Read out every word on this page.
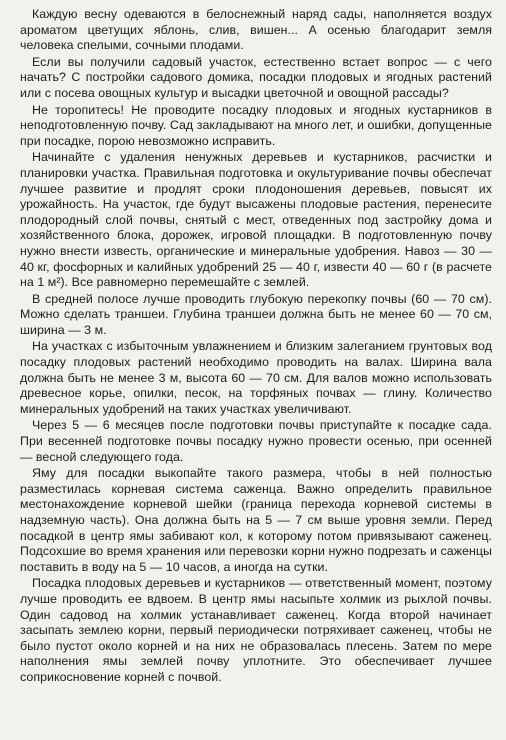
Каждую весну одеваются в белоснежный наряд сады, наполняется воздух ароматом цветущих яблонь, слив, вишен... А осенью благодарит земля человека спелыми, сочными плодами.

Если вы получили садовый участок, естественно встает вопрос — с чего начать? С постройки садового домика, посадки плодовых и ягодных растений или с посева овощных культур и высадки цветочной и овощной рассады?

Не торопитесь! Не проводите посадку плодовых и ягодных кустарников в неподготовленную почву. Сад закладывают на много лет, и ошибки, допущенные при посадке, порою невозможно исправить.

Начинайте с удаления ненужных деревьев и кустарников, расчистки и планировки участка. Правильная подготовка и окультуривание почвы обеспечат лучшее развитие и продлят сроки плодоношения деревьев, повысят их урожайность. На участок, где будут высажены плодовые растения, перенесите плодородный слой почвы, снятый с мест, отведенных под застройку дома и хозяйственного блока, дорожек, игровой площадки. В подготовленную почву нужно внести известь, органические и минеральные удобрения. Навоз — 30 — 40 кг, фосфорных и калийных удобрений 25 — 40 г, извести 40 — 60 г (в расчете на 1 м²). Все равномерно перемешайте с землей.

В средней полосе лучше проводить глубокую перекопку почвы (60 — 70 см). Можно сделать траншеи. Глубина траншеи должна быть не менее 60 — 70 см, ширина — 3 м.

На участках с избыточным увлажнением и близким залеганием грунтовых вод посадку плодовых растений необходимо проводить на валах. Ширина вала должна быть не менее 3 м, высота 60 — 70 см. Для валов можно использовать древесное корье, опилки, песок, на торфяных почвах — глину. Количество минеральных удобрений на таких участках увеличивают.

Через 5 — 6 месяцев после подготовки почвы приступайте к посадке сада. При весенней подготовке почвы посадку нужно провести осенью, при осенней — весной следующего года.

Яму для посадки выкопайте такого размера, чтобы в ней полностью разместилась корневая система саженца. Важно определить правильное местонахождение корневой шейки (граница перехода корневой системы в надземную часть). Она должна быть на 5 — 7 см выше уровня земли. Перед посадкой в центр ямы забивают кол, к которому потом привязывают саженец. Подсохшие во время хранения или перевозки корни нужно подрезать и саженцы поставить в воду на 5 — 10 часов, а иногда на сутки.

Посадка плодовых деревьев и кустарников — ответственный момент, поэтому лучше проводить ее вдвоем. В центр ямы насыпьте холмик из рыхлой почвы. Один садовод на холмик устанавливает саженец. Когда второй начинает засыпать землею корни, первый периодически потряхивает саженец, чтобы не было пустот около корней и на них не образовалась плесень. Затем по мере наполнения ямы землей почву уплотните. Это обеспечивает лучшее соприкосновение корней с почвой.
